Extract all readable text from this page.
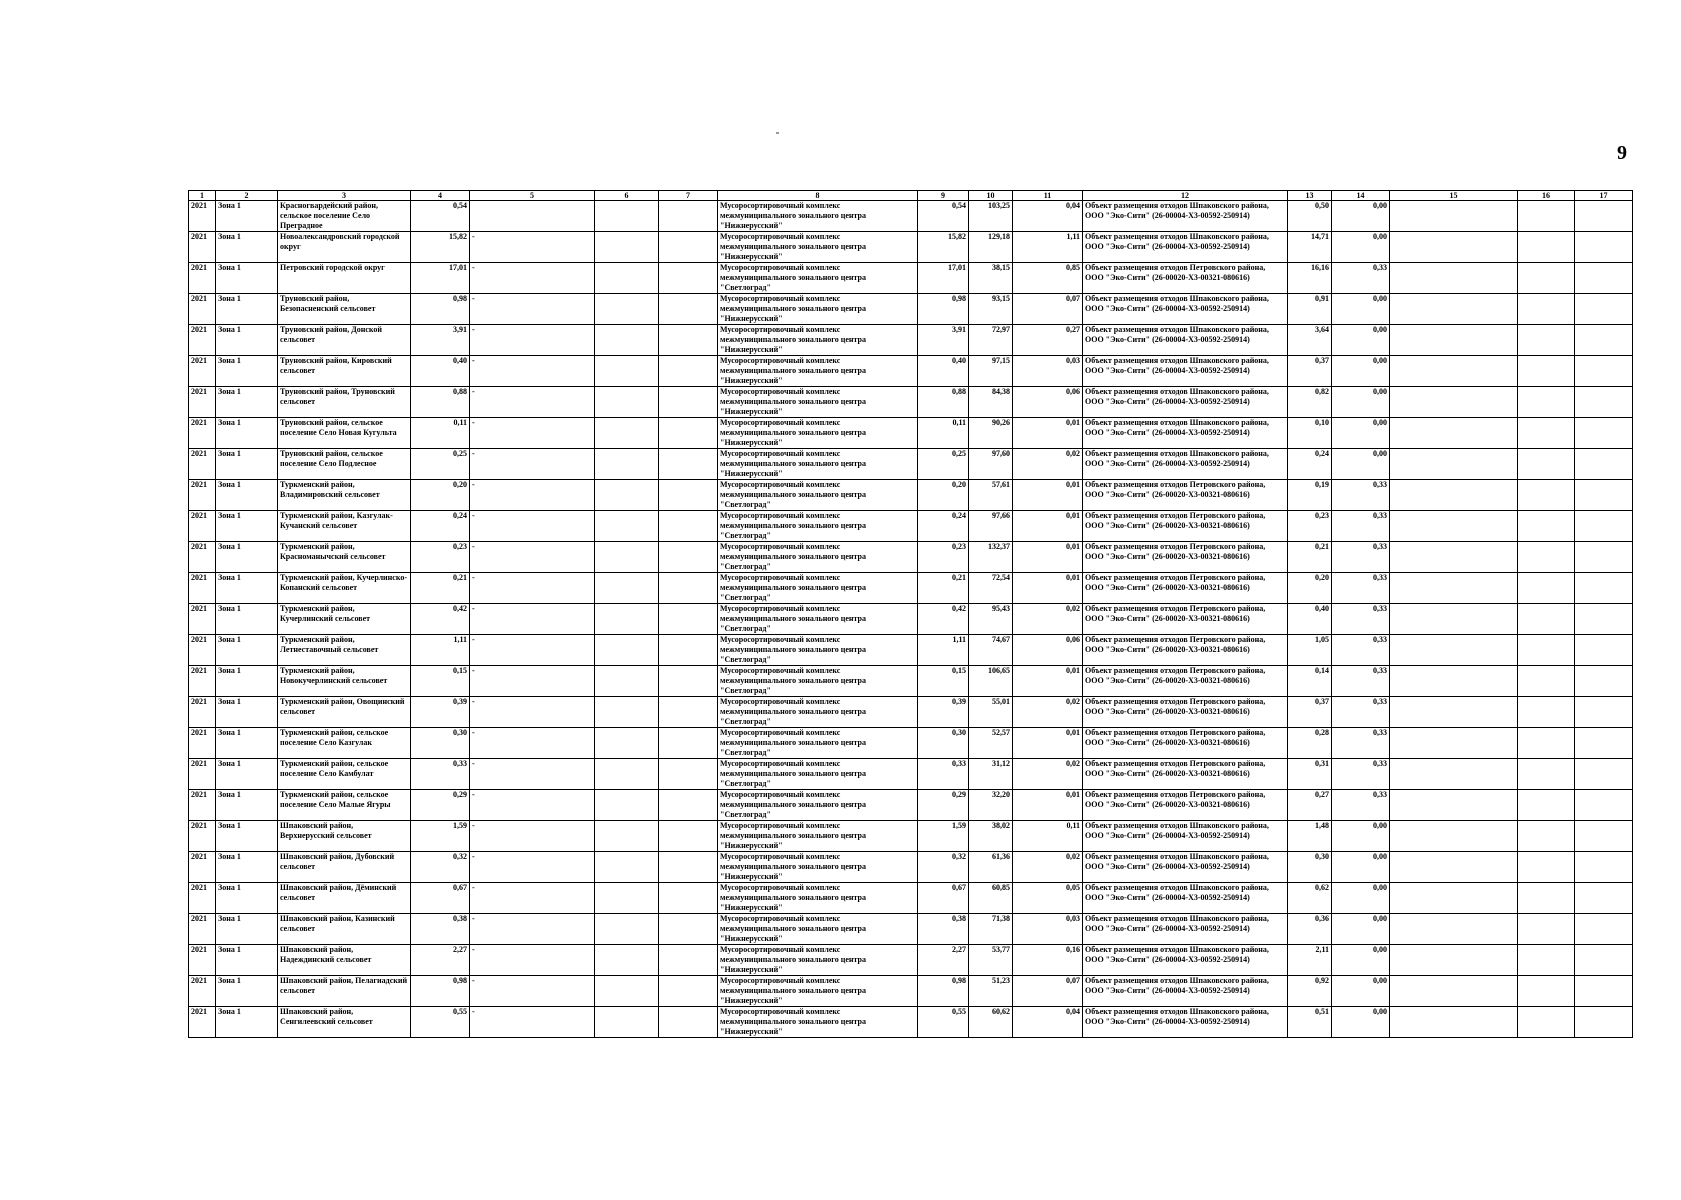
9
1	2	3	4	5	6	7	8	9	10	11	12	13	14	15	16	17
2021	Зона 1	Красногвардейский район, сельское поселение Село Преградное	0,54				Мусоросортировочный комплекс межмуниципального зонального центра "Нижнерусский"	0,54	103,25	0,04	Объект размещения отходов Шпаковского района, ООО "Эко-Сити" (26-00004-Х3-00592-250914)	0,50	0,00			
2021	Зона 1	Новоалександровский городской округ	15,82	-			Мусоросортировочный комплекс межмуниципального зонального центра "Нижнерусский"	15,82	129,18	1,11	Объект размещения отходов Шпаковского района, ООО "Эко-Сити" (26-00004-Х3-00592-250914)	14,71	0,00			
2021	Зона 1	Петровский городской округ	17,01	-			Мусоросортировочный комплекс межмуниципального зонального центра "Светлоград"	17,01	38,15	0,85	Объект размещения отходов Петровского района, ООО "Эко-Сити" (26-00020-Х3-00321-080616)	16,16	0,33			
2021	Зона 1	Труновский район, Безопасненский сельсовет	0,98	-			Мусоросортировочный комплекс межмуниципального зонального центра "Нижнерусский"	0,98	93,15	0,07	Объект размещения отходов Шпаковского района, ООО "Эко-Сити" (26-00004-Х3-00592-250914)	0,91	0,00			
2021	Зона 1	Труновский район, Донской сельсовет	3,91	-			Мусоросортировочный комплекс межмуниципального зонального центра "Нижнерусский"	3,91	72,97	0,27	Объект размещения отходов Шпаковского района, ООО "Эко-Сити" (26-00004-Х3-00592-250914)	3,64	0,00			
2021	Зона 1	Труновский район, Кировский сельсовет	0,40	-			Мусоросортировочный комплекс межмуниципального зонального центра "Нижнерусский"	0,40	97,15	0,03	Объект размещения отходов Шпаковского района, ООО "Эко-Сити" (26-00004-Х3-00592-250914)	0,37	0,00			
2021	Зона 1	Труновский район, Труновский сельсовет	0,88	-			Мусоросортировочный комплекс межмуниципального зонального центра "Нижнерусский"	0,88	84,38	0,06	Объект размещения отходов Шпаковского района, ООО "Эко-Сити" (26-00004-Х3-00592-250914)	0,82	0,00			
2021	Зона 1	Труновский район, сельское поселение Село Новая Кугульта	0,11	-			Мусоросортировочный комплекс межмуниципального зонального центра "Нижнерусский"	0,11	90,26	0,01	Объект размещения отходов Шпаковского района, ООО "Эко-Сити" (26-00004-Х3-00592-250914)	0,10	0,00			
2021	Зона 1	Труновский район, сельское поселение Село Подлесное	0,25	-			Мусоросортировочный комплекс межмуниципального зонального центра "Нижнерусский"	0,25	97,60	0,02	Объект размещения отходов Шпаковского района, ООО "Эко-Сити" (26-00004-Х3-00592-250914)	0,24	0,00			
2021	Зона 1	Туркменский район, Владимировский сельсовет	0,20	-			Мусоросортировочный комплекс межмуниципального зонального центра "Светлоград"	0,20	57,61	0,01	Объект размещения отходов Петровского района, ООО "Эко-Сити" (26-00020-Х3-00321-080616)	0,19	0,33			
2021	Зона 1	Туркменский район, Казгулак-Кучанский сельсовет	0,24	-			Мусоросортировочный комплекс межмуниципального зонального центра "Светлоград"	0,24	97,66	0,01	Объект размещения отходов Петровского района, ООО "Эко-Сити" (26-00020-Х3-00321-080616)	0,23	0,33			
2021	Зона 1	Туркменский район, Красноманычский сельсовет	0,23	-			Мусоросортировочный комплекс межмуниципального зонального центра "Светлоград"	0,23	132,37	0,01	Объект размещения отходов Петровского района, ООО "Эко-Сити" (26-00020-Х3-00321-080616)	0,21	0,33			
2021	Зона 1	Туркменский район, Кучерлинско-Копанский сельсовет	0,21	-			Мусоросортировочный комплекс межмуниципального зонального центра "Светлоград"	0,21	72,54	0,01	Объект размещения отходов Петровского района, ООО "Эко-Сити" (26-00020-Х3-00321-080616)	0,20	0,33			
2021	Зона 1	Туркменский район, Кучерлинский сельсовет	0,42	-			Мусоросортировочный комплекс межмуниципального зонального центра "Светлоград"	0,42	95,43	0,02	Объект размещения отходов Петровского района, ООО "Эко-Сити" (26-00020-Х3-00321-080616)	0,40	0,33			
2021	Зона 1	Туркменский район, Летнеставочный сельсовет	1,11	-			Мусоросортировочный комплекс межмуниципального зонального центра "Светлоград"	1,11	74,67	0,06	Объект размещения отходов Петровского района, ООО "Эко-Сити" (26-00020-Х3-00321-080616)	1,05	0,33			
2021	Зона 1	Туркменский район, Новокучерлинский сельсовет	0,15	-			Мусоросортировочный комплекс межмуниципального зонального центра "Светлоград"	0,15	106,65	0,01	Объект размещения отходов Петровского района, ООО "Эко-Сити" (26-00020-Х3-00321-080616)	0,14	0,33			
2021	Зона 1	Туркменский район, Овощинский сельсовет	0,39	-			Мусоросортировочный комплекс межмуниципального зонального центра "Светлоград"	0,39	55,01	0,02	Объект размещения отходов Петровского района, ООО "Эко-Сити" (26-00020-Х3-00321-080616)	0,37	0,33			
2021	Зона 1	Туркменский район, сельское поселение Село Казгулак	0,30	-			Мусоросортировочный комплекс межмуниципального зонального центра "Светлоград"	0,30	52,57	0,01	Объект размещения отходов Петровского района, ООО "Эко-Сити" (26-00020-Х3-00321-080616)	0,28	0,33			
2021	Зона 1	Туркменский район, сельское поселение Село Камбулат	0,33	-			Мусоросортировочный комплекс межмуниципального зонального центра "Светлоград"	0,33	31,12	0,02	Объект размещения отходов Петровского района, ООО "Эко-Сити" (26-00020-Х3-00321-080616)	0,31	0,33			
2021	Зона 1	Туркменский район, сельское поселение Село Малые Ягуры	0,29	-			Мусоросортировочный комплекс межмуниципального зонального центра "Светлоград"	0,29	32,20	0,01	Объект размещения отходов Петровского района, ООО "Эко-Сити" (26-00020-Х3-00321-080616)	0,27	0,33			
2021	Зона 1	Шпаковский район, Верхнерусский сельсовет	1,59	-			Мусоросортировочный комплекс межмуниципального зонального центра "Нижнерусский"	1,59	38,02	0,11	Объект размещения отходов Шпаковского района, ООО "Эко-Сити" (26-00004-Х3-00592-250914)	1,48	0,00			
2021	Зона 1	Шпаковский район, Дубовский сельсовет	0,32	-			Мусоросортировочный комплекс межмуниципального зонального центра "Нижнерусский"	0,32	61,36	0,02	Объект размещения отходов Шпаковского района, ООО "Эко-Сити" (26-00004-Х3-00592-250914)	0,30	0,00			
2021	Зона 1	Шпаковский район, Дёминский сельсовет	0,67	-			Мусоросортировочный комплекс межмуниципального зонального центра "Нижнерусский"	0,67	60,85	0,05	Объект размещения отходов Шпаковского района, ООО "Эко-Сити" (26-00004-Х3-00592-250914)	0,62	0,00			
2021	Зона 1	Шпаковский район, Казинский сельсовет	0,38	-			Мусоросортировочный комплекс межмуниципального зонального центра "Нижнерусский"	0,38	71,38	0,03	Объект размещения отходов Шпаковского района, ООО "Эко-Сити" (26-00004-Х3-00592-250914)	0,36	0,00			
2021	Зона 1	Шпаковский район, Надеждинский сельсовет	2,27	-			Мусоросортировочный комплекс межмуниципального зонального центра "Нижнерусский"	2,27	53,77	0,16	Объект размещения отходов Шпаковского района, ООО "Эко-Сити" (26-00004-Х3-00592-250914)	2,11	0,00			
2021	Зона 1	Шпаковский район, Пелагиадский сельсовет	0,98	-			Мусоросортировочный комплекс межмуниципального зонального центра "Нижнерусский"	0,98	51,23	0,07	Объект размещения отходов Шпаковского района, ООО "Эко-Сити" (26-00004-Х3-00592-250914)	0,92	0,00			
2021	Зона 1	Шпаковский район, Сенгилеевский сельсовет	0,55	-			Мусоросортировочный комплекс межмуниципального зонального центра "Нижнерусский"	0,55	60,62	0,04	Объект размещения отходов Шпаковского района, ООО "Эко-Сити" (26-00004-Х3-00592-250914)	0,51	0,00			
